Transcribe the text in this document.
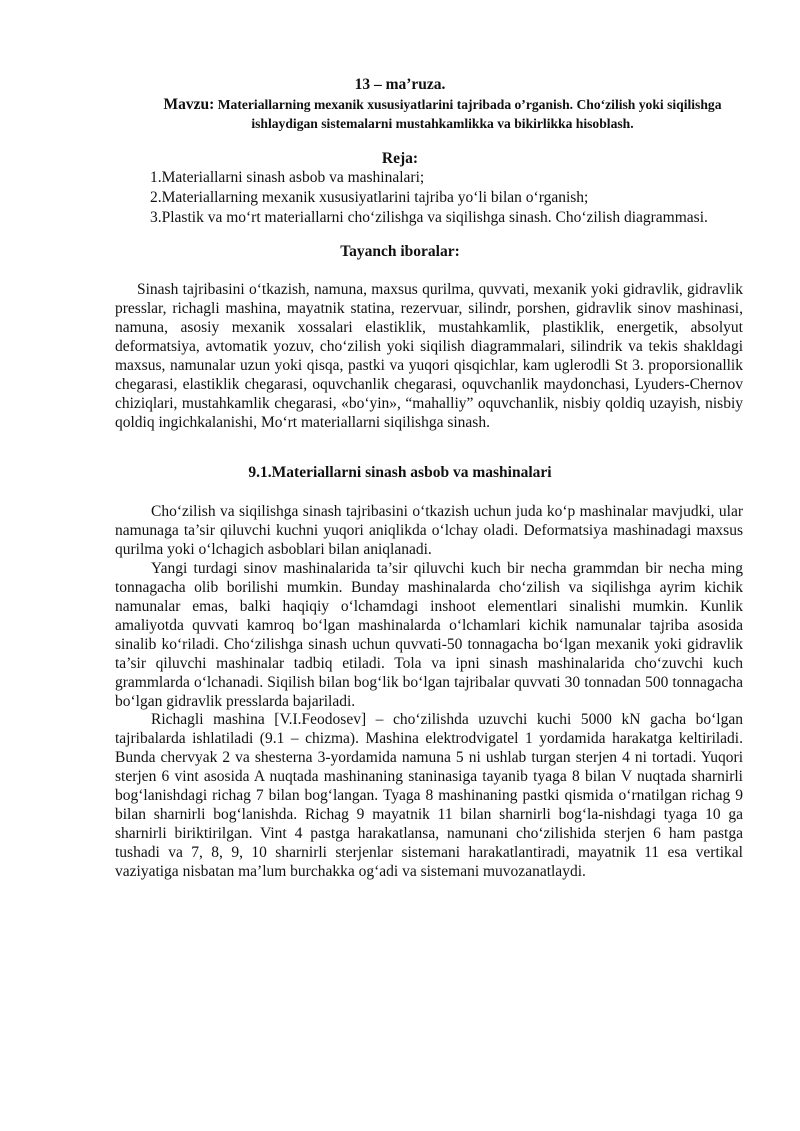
13 – ma’ruza.
Mavzu: Materiallarning mexanik xususiyatlarini tajribada o’rganish. Cho‘zilish yoki siqilishga ishlaydigan sistemalarni mustahkamlikka va bikirlikka hisoblash.
Reja:
1.Materiallarni sinash asbob va mashinalari;
2.Materiallarning mexanik xususiyatlarini tajriba yo‘li bilan o‘rganish;
3.Plastik va mo‘rt materiallarni cho‘zilishga va siqilishga sinash. Cho‘zilish diagrammasi.
Tayanch iboralar:
Sinash tajribasini o‘tkazish, namuna, maxsus qurilma, quvvati, mexanik yoki gidravlik, gidravlik presslar, richagli mashina, mayatnik statina, rezervuar, silindr, porshen, gidravlik sinov mashinasi, namuna, asosiy mexanik xossalari elastiklik, mustahkamlik, plastiklik, energetik, absolyut deformatsiya, avtomatik yozuv, cho‘zilish yoki siqilish diagrammalari, silindrik va tekis shakldagi maxsus, namunalar uzun yoki qisqa, pastki va yuqori qisqichlar, kam uglerodli St 3. proporsionallik chegarasi, elastiklik chegarasi, oquvchanlik chegarasi, oquvchanlik maydonchasi, Lyuders-Chernov chiziqlari, mustahkamlik chegarasi, «bo‘yin», “mahalliy” oquvchanlik, nisbiy qoldiq uzayish, nisbiy qoldiq ingichkalanishi, Mo‘rt materiallarni siqilishga sinash.
9.1.Materiallarni sinash asbob va mashinalari
Cho‘zilish va siqilishga sinash tajribasini o‘tkazish uchun juda ko‘p mashinalar mavjudki, ular namunaga ta’sir qiluvchi kuchni yuqori aniqlikda o‘lchay oladi. Deformatsiya mashinadagi maxsus qurilma yoki o‘lchagich asboblari bilan aniqlanadi.
Yangi turdagi sinov mashinalarida ta’sir qiluvchi kuch bir necha grammdan bir necha ming tonnagacha olib borilishi mumkin. Bunday mashinalarda cho‘zilish va siqilishga ayrim kichik namunalar emas, balki haqiqiy o‘lchamdagi inshoot elementlari sinalishi mumkin. Kunlik amaliyotda quvvati kamroq bo‘lgan mashinalarda o‘lchamlari kichik namunalar tajriba asosida sinalib ko‘riladi. Cho‘zilishga sinash uchun quvvati-50 tonnagacha bo‘lgan mexanik yoki gidravlik ta’sir qiluvchi mashinalar tadbiq etiladi. Tola va ipni sinash mashinalarida cho‘zuvchi kuch grammlarda o‘lchanadi. Siqilish bilan bog‘lik bo‘lgan tajribalar quvvati 30 tonnadan 500 tonnagacha bo‘lgan gidravlik presslarda bajariladi.
Richagli mashina [V.I.Feodosev] – cho‘zilishda uzuvchi kuchi 5000 kN gacha bo‘lgan tajribalarda ishlatiladi (9.1 – chizma). Mashina elektrodvigatel 1 yordamida harakatga keltiriladi. Bunda chervyak 2 va shesterna 3-yordamida namuna 5 ni ushlab turgan sterjen 4 ni tortadi. Yuqori sterjen 6 vint asosida A nuqtada mashinaning staninasiga tayanib tyaga 8 bilan V nuqtada sharnirli bog‘lanishdagi richag 7 bilan bog‘langan. Tyaga 8 mashinaning pastki qismida o‘rnatilgan richag 9 bilan sharnirli bog‘lanishda. Richag 9 mayatnik 11 bilan sharnirli bog‘la-nishdagi tyaga 10 ga sharnirli biriktirilgan. Vint 4 pastga harakatlansa, namunani cho‘zilishida sterjen 6 ham pastga tushadi va 7, 8, 9, 10 sharnirli sterjenlar sistemani harakatlantiradi, mayatnik 11 esa vertikal vaziyatiga nisbatan ma’lum burchakka og‘adi va sistemani muvozanatlaydi.
